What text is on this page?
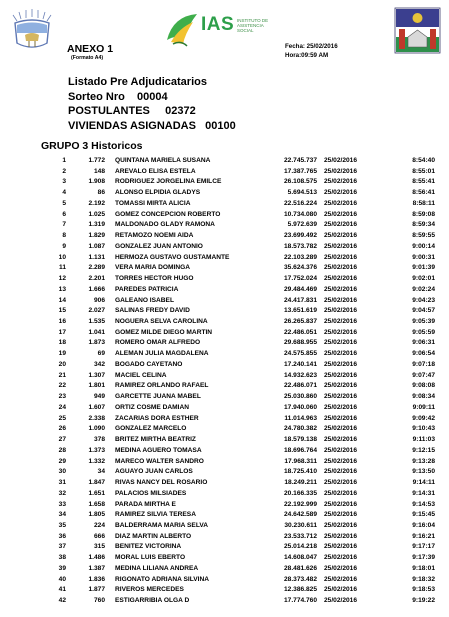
IAS INSTITUTO DE ASISTENCIA SOCIAL
ANEXO 1
(Formato A4)
Fecha: 25/02/2016
Hora:09:59 AM
Listado Pre Adjudicatarios
Sorteo Nro    00004
POSTULANTES     02372
VIVIENDAS ASIGNADAS   00100
GRUPO 3 Historicos
1	1.772 QUINTANA MARIELA SUSANA	22.745.737 25/02/2016	8:54:40
2	148 AREVALO ELISA ESTELA	17.387.765 25/02/2016	8:55:01
3	1.908 RODRIGUEZ JORGELINA EMILCE	26.108.575 25/02/2016	8:55:41
4	86 ALONSO ELPIDIA GLADYS	5.694.513 25/02/2016	8:56:41
5	2.192 TOMASSI MIRTA ALICIA	22.516.224 25/02/2016	8:58:11
6	1.025 GOMEZ CONCEPCION ROBERTO	10.734.080 25/02/2016	8:59:08
7	1.319 MALDONADO GLADY RAMONA	5.972.639 25/02/2016	8:59:34
8	1.829 RETAMOZO NOEMI AIDA	23.699.492 25/02/2016	8:59:55
9	1.087 GONZALEZ JUAN ANTONIO	18.573.782 25/02/2016	9:00:14
10	1.131 HERMOZA GUSTAVO GUSTAMANTE	22.103.289 25/02/2016	9:00:31
11	2.289 VERA MARIA DOMINGA	35.624.376 25/02/2016	9:01:39
12	2.201 TORRES HECTOR HUGO	17.752.024 25/02/2016	9:02:01
13	1.666 PAREDES PATRICIA	29.484.469 25/02/2016	9:02:24
14	906 GALEANO ISABEL	24.417.831 25/02/2016	9:04:23
15	2.027 SALINAS FREDY DAVID	13.651.619 25/02/2016	9:04:57
16	1.535 NOGUERA SELVA CAROLINA	26.265.837 25/02/2016	9:05:39
17	1.041 GOMEZ MILDE DIEGO MARTIN	22.486.051 25/02/2016	9:05:59
18	1.873 ROMERO OMAR ALFREDO	29.688.955 25/02/2016	9:06:31
19	69 ALEMAN JULIA MAGDALENA	24.575.855 25/02/2016	9:06:54
20	342 BOGADO CAYETANO	17.240.141 25/02/2016	9:07:18
21	1.307 MACIEL CELINA	14.932.623 25/02/2016	9:07:47
22	1.801 RAMIREZ ORLANDO RAFAEL	22.486.071 25/02/2016	9:08:08
23	949 GARCETTE JUANA MABEL	25.030.860 25/02/2016	9:08:34
24	1.607 ORTIZ COSME DAMIAN	17.940.060 25/02/2016	9:09:11
25	2.338 ZACARIAS DORA ESTHER	11.014.963 25/02/2016	9:09:42
26	1.090 GONZALEZ MARCELO	24.780.382 25/02/2016	9:10:43
27	378 BRITEZ MIRTHA BEATRIZ	18.579.138 25/02/2016	9:11:03
28	1.373 MEDINA AGUERO TOMASA	18.696.764 25/02/2016	9:12:15
29	1.332 MARECO WALTER SANDRO	17.968.311 25/02/2016	9:13:28
30	34 AGUAYO JUAN CARLOS	18.725.410 25/02/2016	9:13:50
31	1.847 RIVAS NANCY DEL ROSARIO	18.249.211 25/02/2016	9:14:11
32	1.651 PALACIOS MILSIADES	20.166.335 25/02/2016	9:14:31
33	1.658 PARADA MIRTHA E	22.192.999 25/02/2016	9:14:53
34	1.805 RAMIREZ SILVIA TERESA	24.642.589 25/02/2016	9:15:45
35	224 BALDERRAMA MARIA SELVA	30.230.611 25/02/2016	9:16:04
36	666 DIAZ MARTIN ALBERTO	23.533.712 25/02/2016	9:16:21
37	315 BENITEZ VICTORINA	25.014.218 25/02/2016	9:17:17
38	1.486 MORAL LUIS EBERTO	14.608.047 25/02/2016	9:17:39
39	1.387 MEDINA LILIANA ANDREA	28.481.626 25/02/2016	9:18:01
40	1.836 RIGONATO ADRIANA SILVINA	28.373.482 25/02/2016	9:18:32
41	1.877 RIVEROS MERCEDES	12.386.825 25/02/2016	9:18:53
42	760 ESTIGARRIBIA OLGA D	17.774.760 25/02/2016	9:19:22
